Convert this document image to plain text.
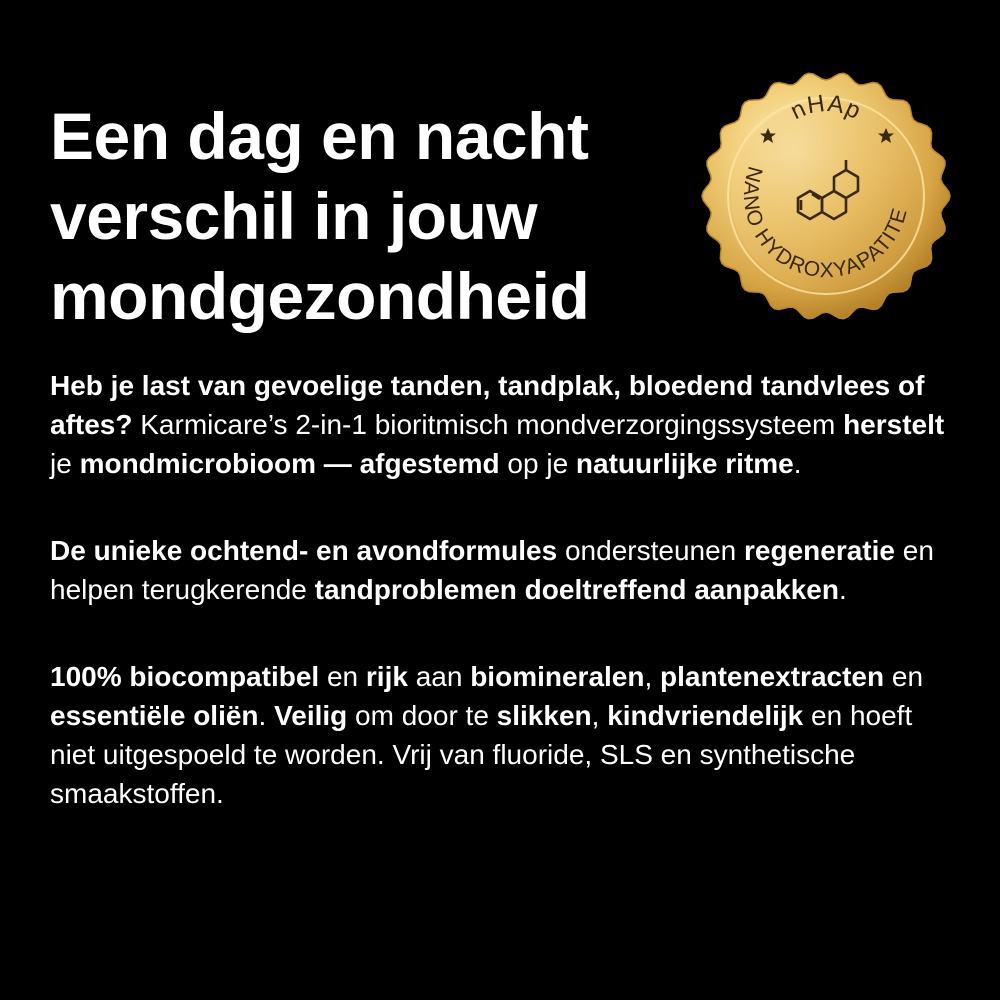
Een dag en nacht
verschil in jouw
mondgezondheid
nHAp
NANO HYDROXYAPATITE

Heb je last van gevoelige tanden, tandplak, bloedend tandvlees of aftes? Karmicare’s 2-in-1 bioritmisch mondverzorgingssysteem herstelt je mondmicrobioom — afgestemd op je natuurlijke ritme.

De unieke ochtend- en avondformules ondersteunen regeneratie en helpen terugkerende tandproblemen doeltreffend aanpakken.

100% biocompatibel en rijk aan biomineralen, plantenextracten en essentiële oliën. Veilig om door te slikken, kindvriendelijk en hoeft niet uitgespoeld te worden. Vrij van fluoride, SLS en synthetische smaakstoffen.
